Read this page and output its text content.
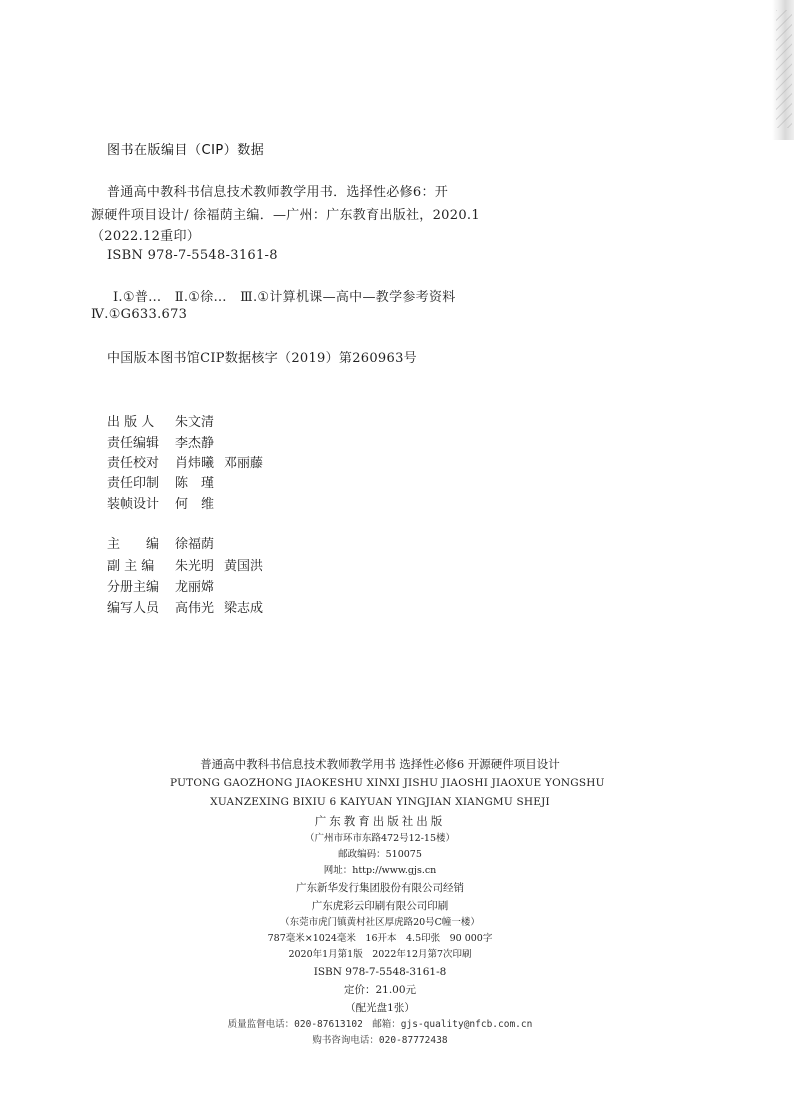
图书在版编目（CIP）数据
普通高中教科书信息技术教师教学用书．选择性必修6：开
源硬件项目设计/ 徐福荫主编．—广州：广东教育出版社，2020.1
（2022.12重印）
ISBN 978-7-5548-3161-8
Ⅰ.①普…　Ⅱ.①徐…　Ⅲ.①计算机课—高中—教学参考资料
Ⅳ.①G633.673
中国版本图书馆CIP数据核字（2019）第260963号
出 版 人 朱文清
责任编辑 李杰静
责任校对 肖炜曦 邓丽藤
责任印制 陈　瑾
装帧设计 何　维
主　　编 徐福荫
副 主 编 朱光明 黄国洪
分册主编 龙丽嫦
编写人员 高伟光 梁志成
普通高中教科书信息技术教师教学用书 选择性必修6 开源硬件项目设计
PUTONG GAOZHONG JIAOKESHU XINXI JISHU JIAOSHI JIAOXUE YONGSHU
XUANZEXING BIXIU 6 KAIYUAN YINGJIAN XIANGMU SHEJI
广东教育出版社出版
（广州市环市东路472号12-15楼）
邮政编码：510075
网址：http://www.gjs.cn
广东新华发行集团股份有限公司经销
广东虎彩云印刷有限公司印刷
（东莞市虎门镇黄村社区厚虎路20号C幢一楼）
787毫米×1024毫米　16开本　4.5印张　90 000字
2020年1月第1版　2022年12月第7次印刷
ISBN 978-7-5548-3161-8
定价：21.00元
（配光盘1张）
质量监督电话：020-87613102　邮箱：gjs-quality@nfcb.com.cn
购书咨询电话：020-87772438
